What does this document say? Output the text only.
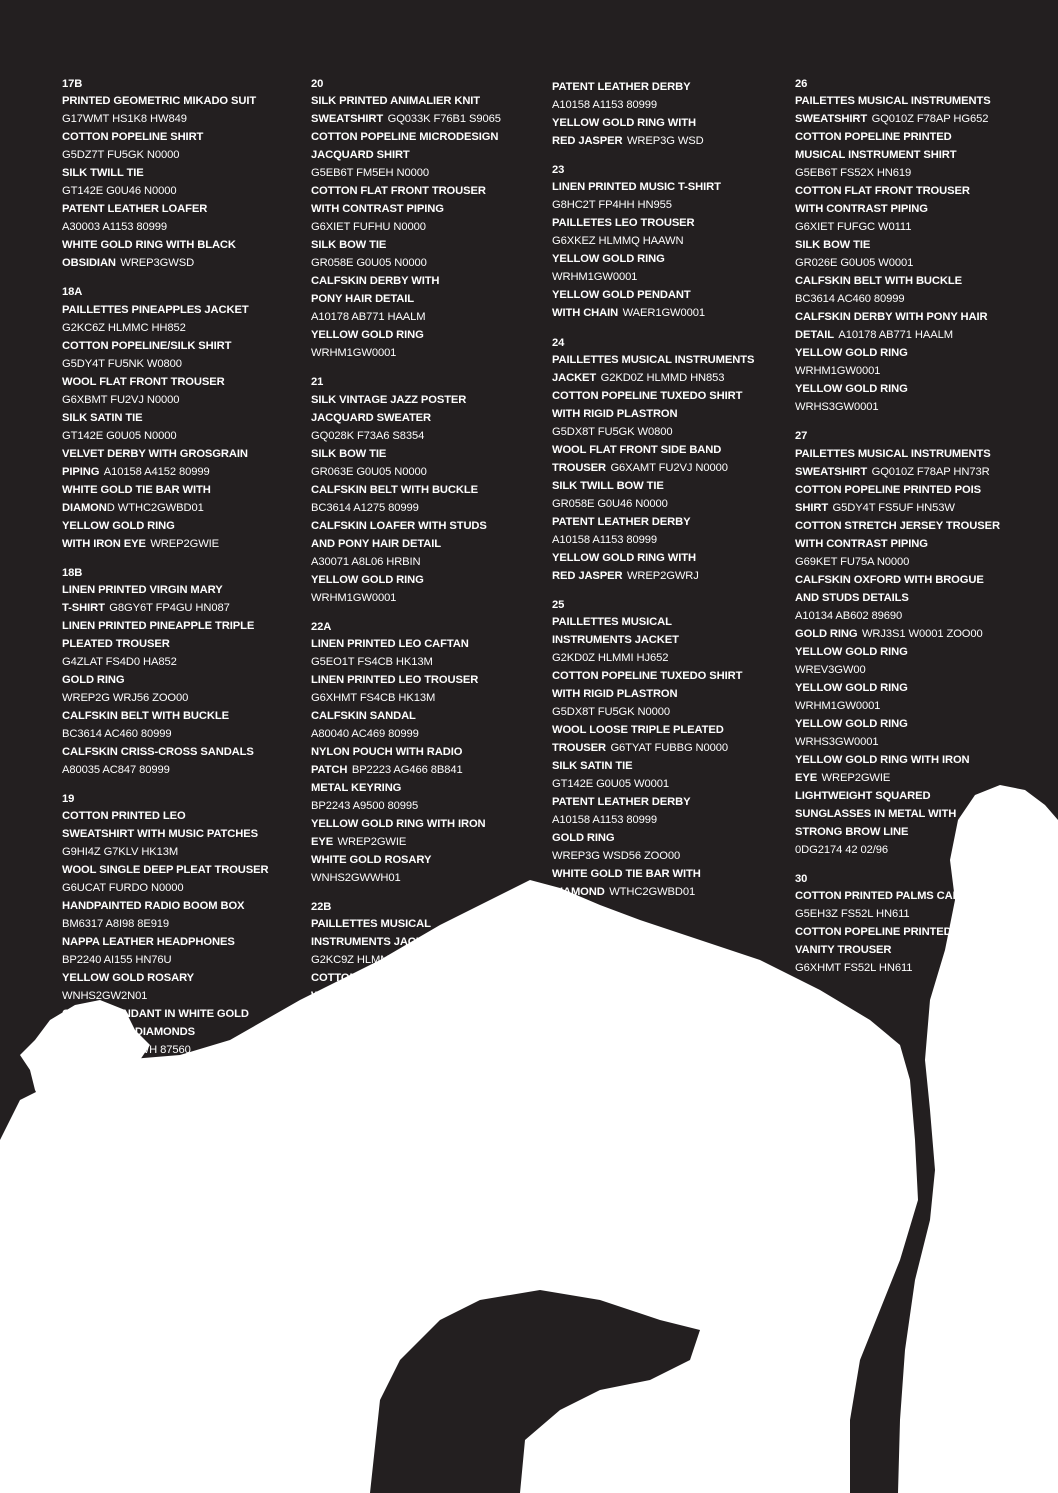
17B
PRINTED GEOMETRIC MIKADO SUIT
G17WMT HS1K8 HW849
COTTON POPELINE SHIRT
G5DZ7T FU5GK N0000
SILK TWILL TIE
GT142E G0U46 N0000
PATENT LEATHER LOAFER
A30003 A1153 80999
WHITE GOLD RING WITH BLACK
OBSIDIAN WREP3GWSD
18A
PAILLETTES PINEAPPLES JACKET
G2KC6Z HLMMC HH852
COTTON POPELINE/SILK SHIRT
G5DY4T FU5NK W0800
WOOL FLAT FRONT TROUSER
G6XBMT FU2VJ N0000
SILK SATIN TIE
GT142E G0U05 N0000
VELVET DERBY WITH GROSGRAIN
PIPING A10158 A4152 80999
WHITE GOLD TIE BAR WITH
DIAMOND WTHC2GWBD01
YELLOW GOLD RING
WITH IRON EYE WREP2GWIE
18B
LINEN PRINTED VIRGIN MARY
T-SHIRT G8GY6T FP4GU HN087
LINEN PRINTED PINEAPPLE TRIPLE
PLEATED TROUSER
G4ZLAT FS4D0 HA852
GOLD RING
WREP2G WRJ56 ZOO00
CALFSKIN BELT WITH BUCKLE
BC3614 AC460 80999
CALFSKIN CRISS-CROSS SANDALS
A80035 AC847 80999
19
COTTON PRINTED LEO
SWEATSHIRT WITH MUSIC PATCHES
G9HI4Z G7KLV HK13M
WOOL SINGLE DEEP PLEAT TROUSER
G6UCAT FURDO N0000
HANDPAINTED RADIO BOOM BOX
BM6317 A8I98 8E919
NAPPA LEATHER HEADPHONES
BP2240 AI155 HN76U
YELLOW GOLD ROSARY
WNHS2GW2N01
CROWN PENDANT IN WHITE GOLD
WITH BLACK DIAMONDS
WNHS1G WNFWH 87560
20
SILK PRINTED ANIMALIER KNIT
SWEATSHIRT GQ033K F76B1 S9065
COTTON POPELINE MICRODESIGN
JACQUARD SHIRT
G5EB6T FM5EH N0000
COTTON FLAT FRONT TROUSER
WITH CONTRAST PIPING
G6XIET FUFHU N0000
SILK BOW TIE
GR058E G0U05 N0000
CALFSKIN DERBY WITH
PONY HAIR DETAIL
A10178 AB771 HAALM
YELLOW GOLD RING
WRHM1GW0001
21
SILK VINTAGE JAZZ POSTER
JACQUARD SWEATER
GQ028K F73A6 S8354
SILK BOW TIE
GR063E G0U05 N0000
CALFSKIN BELT WITH BUCKLE
BC3614 A1275 80999
CALFSKIN LOAFER WITH STUDS
AND PONY HAIR DETAIL
A30071 A8L06 HRBIN
YELLOW GOLD RING
WRHM1GW0001
22A
LINEN PRINTED LEO CAFTAN
G5EO1T FS4CB HK13M
LINEN PRINTED LEO TROUSER
G6XHMT FS4CB HK13M
CALFSKIN SANDAL
A80040 AC469 80999
NYLON POUCH WITH RADIO
PATCH BP2223 AG466 8B841
METAL KEYRING
BP2243 A9500 80995
YELLOW GOLD RING WITH IRON
EYE WREP2GWIE
WHITE GOLD ROSARY
WNHS2GWWH01
22B
PAILLETTES MUSICAL
INSTRUMENTS JACKET
G2KC9Z HLMME HN770
COTTON POPELINE TUXEDO SHIRT
WITH RIGID PLASTRON
G5EG5T FU5GK N0000
SILK BOW TIE
GR063E G0U05 N0000
PATENT LEATHER DERBY
A10158 A1153 80999
YELLOW GOLD RING WITH
RED JASPER WREP3G WSD
23
LINEN PRINTED MUSIC T-SHIRT
G8HC2T FP4HH HN955
PAILLETES LEO TROUSER
G6XKEZ HLMMQ HAAWN
YELLOW GOLD RING
WRHM1GW0001
YELLOW GOLD PENDANT
WITH CHAIN WAER1GW0001
24
PAILLETTES MUSICAL INSTRUMENTS
JACKET G2KD0Z HLMMD HN853
COTTON POPELINE TUXEDO SHIRT
WITH RIGID PLASTRON
G5DX8T FU5GK W0800
WOOL FLAT FRONT SIDE BAND
TROUSER G6XAMT FU2VJ N0000
SILK TWILL BOW TIE
GR058E G0U46 N0000
PATENT LEATHER DERBY
A10158 A1153 80999
YELLOW GOLD RING WITH
RED JASPER WREP2GWRJ
25
PAILLETTES MUSICAL
INSTRUMENTS JACKET
G2KD0Z HLMMI HJ652
COTTON POPELINE TUXEDO SHIRT
WITH RIGID PLASTRON
G5DX8T FU5GK N0000
WOOL LOOSE TRIPLE PLEATED
TROUSER G6TYAT FUBBG N0000
SILK SATIN TIE
GT142E G0U05 W0001
PATENT LEATHER DERBY
A10158 A1153 80999
GOLD RING
WREP3G WSD56 ZOO00
WHITE GOLD TIE BAR WITH
DIAMOND WTHC2GWBD01
26
PAILETTES MUSICAL INSTRUMENTS
SWEATSHIRT GQ010Z F78AP HG652
COTTON POPELINE PRINTED
MUSICAL INSTRUMENT SHIRT
G5EB6T FS52X HN619
COTTON FLAT FRONT TROUSER
WITH CONTRAST PIPING
G6XIET FUFGC W0111
SILK BOW TIE
GR026E G0U05 W0001
CALFSKIN BELT WITH BUCKLE
BC3614 AC460 80999
CALFSKIN DERBY WITH PONY HAIR
DETAIL A10178 AB771 HAALM
YELLOW GOLD RING
WRHM1GW0001
YELLOW GOLD RING
WRHS3GW0001
27
PAILETTES MUSICAL INSTRUMENTS
SWEATSHIRT GQ010Z F78AP HN73R
COTTON POPELINE PRINTED POIS
SHIRT G5DY4T FS5UF HN53W
COTTON STRETCH JERSEY TROUSER
WITH CONTRAST PIPING
G69KET FU75A N0000
CALFSKIN OXFORD WITH BROGUE
AND STUDS DETAILS
A10134 AB602 89690
GOLD RING WRJ3S1 W0001 ZOO00
YELLOW GOLD RING
WREV3GW00
YELLOW GOLD RING
WRHM1GW0001
YELLOW GOLD RING
WRHS3GW0001
YELLOW GOLD RING WITH IRON
EYE WREP2GWIE
LIGHTWEIGHT SQUARED
SUNGLASSES IN METAL WITH
STRONG BROW LINE
0DG2174 42 02/96
30
COTTON PRINTED PALMS CAFTAN
G5EH3Z FS52L HN611
COTTON POPELINE PRINTED PALMS
VANITY TROUSER
G6XHMT FS52L HN611
